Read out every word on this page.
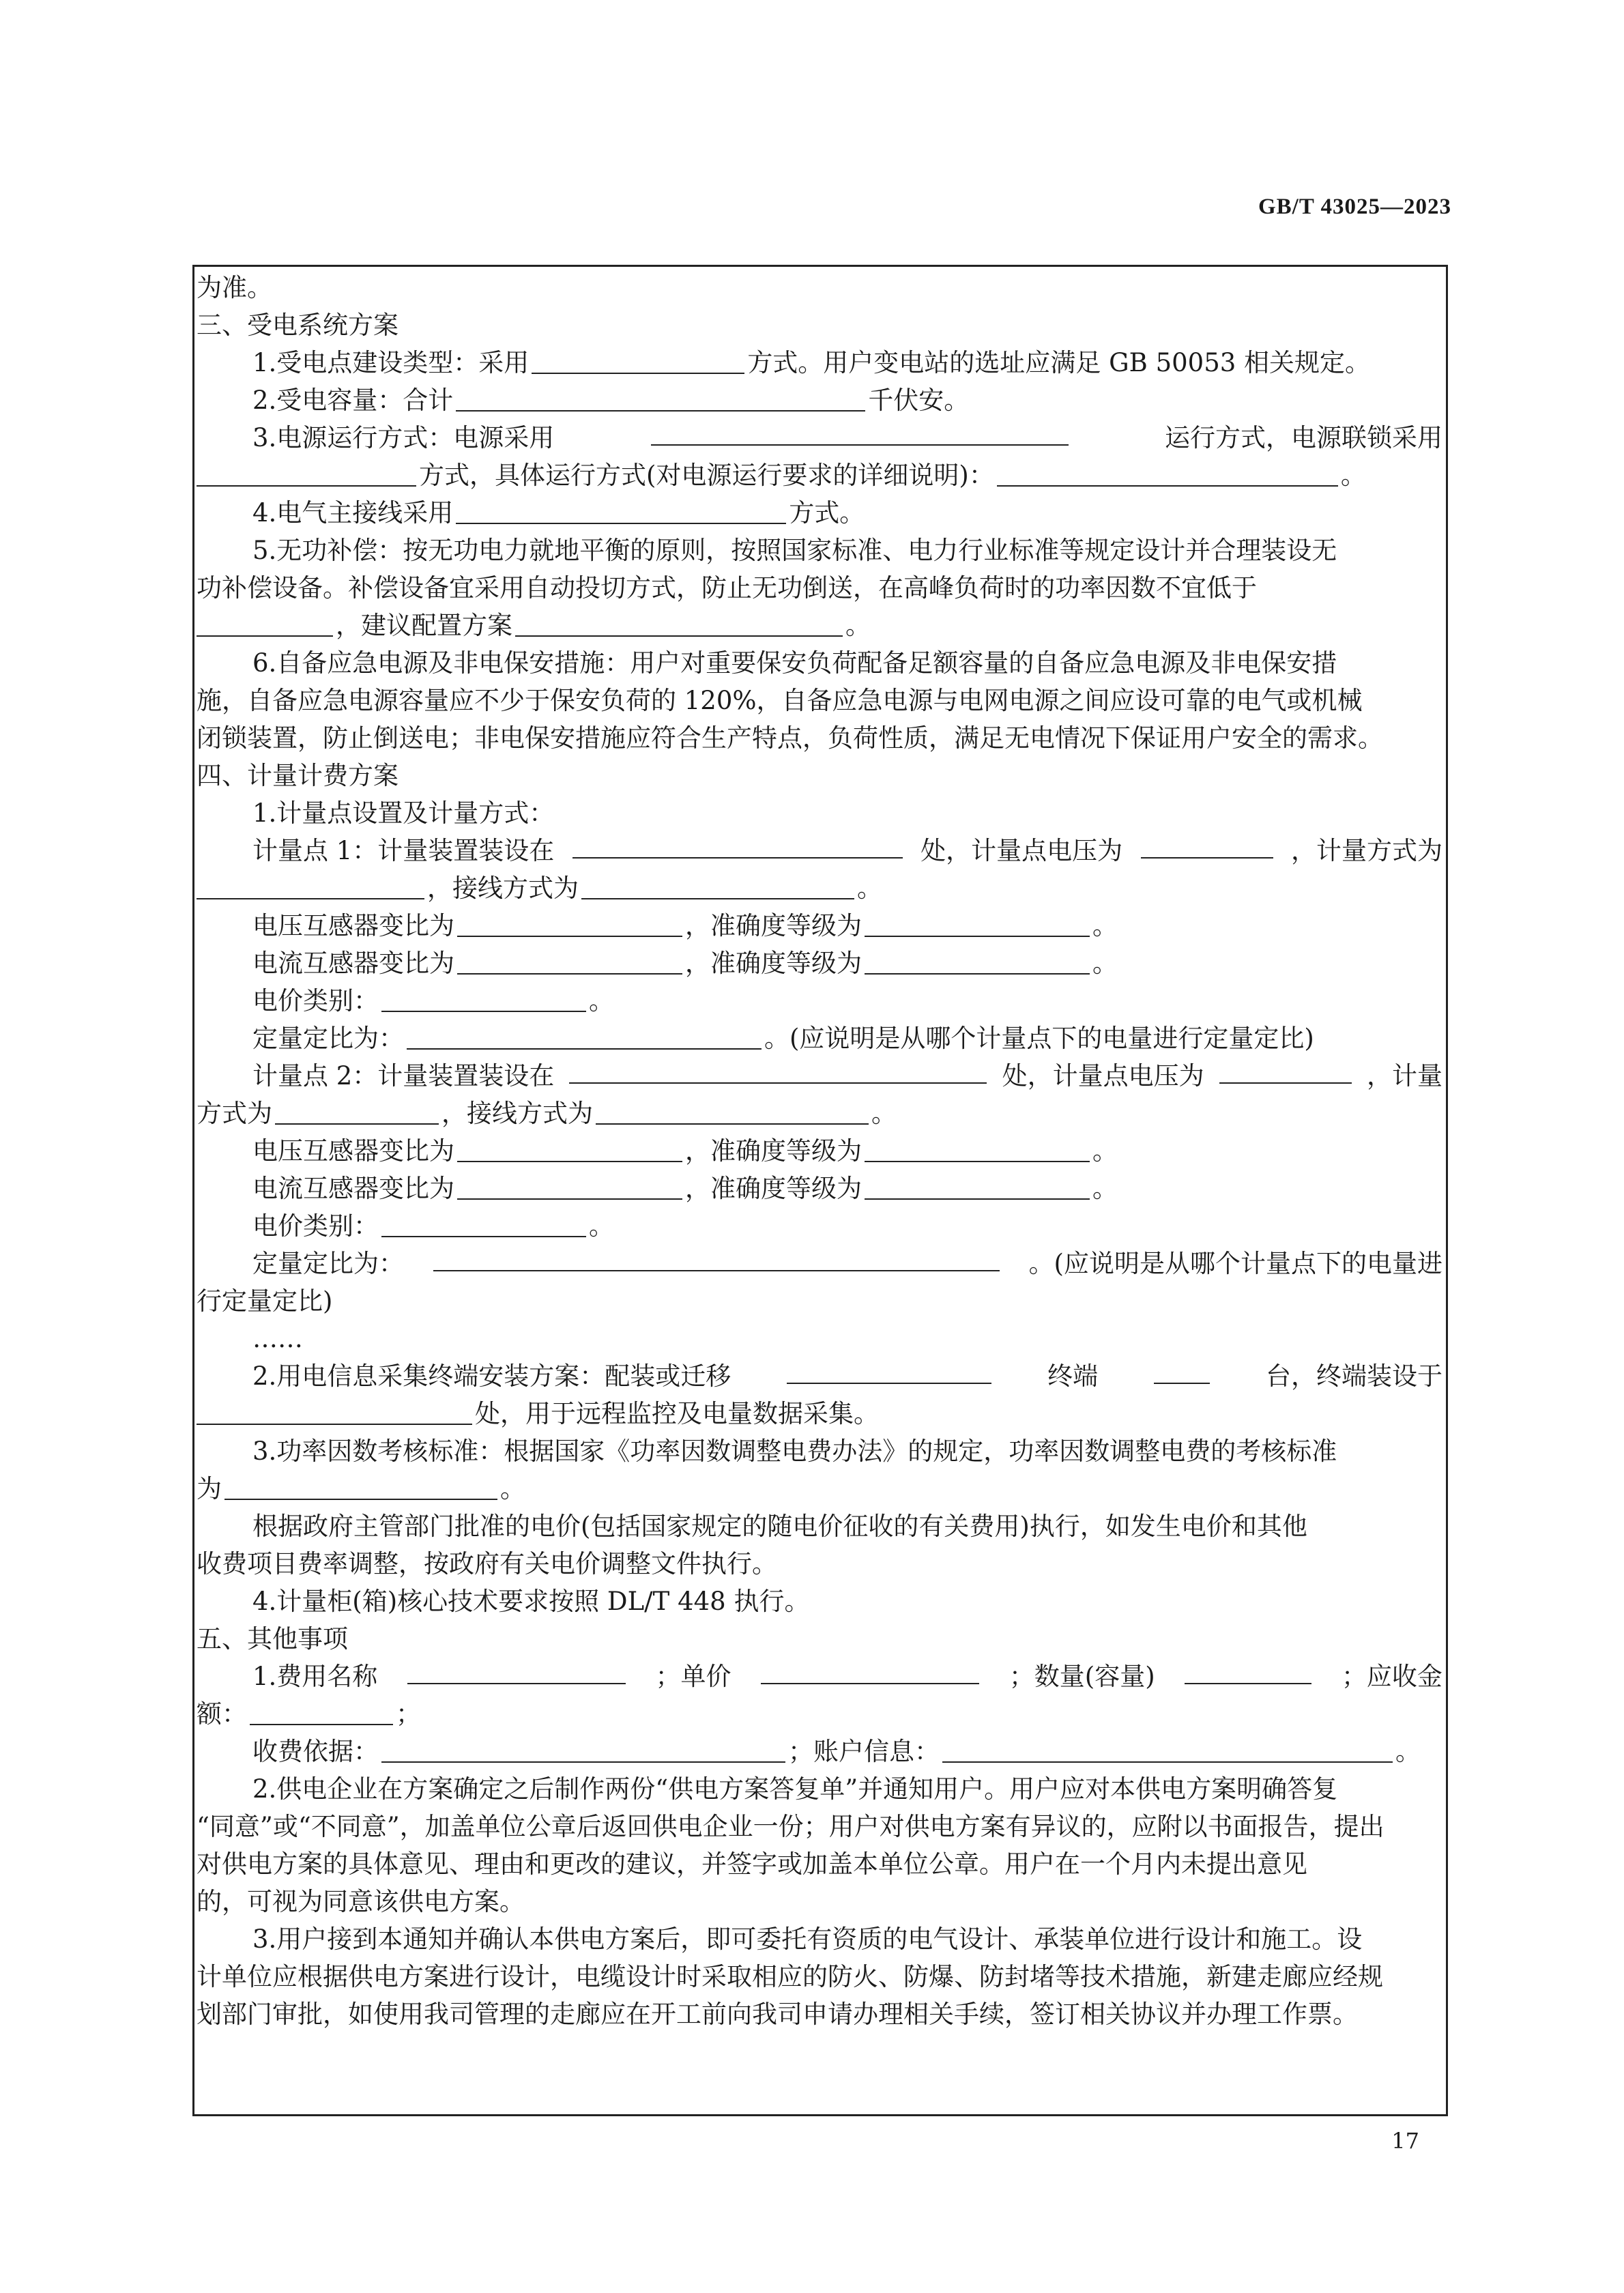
GB/T 43025—2023
为准。
三、受电系统方案
1.受电点建设类型：采用	方式。用户变电站的选址应满足 GB 50053 相关规定。
2.受电容量：合计	千伏安。
3.电源运行方式：电源采用	运行方式，电源联锁采用
方式，具体运行方式(对电源运行要求的详细说明)：	。
4.电气主接线采用	方式。
5.无功补偿：按无功电力就地平衡的原则，按照国家标准、电力行业标准等规定设计并合理装设无
功补偿设备。补偿设备宜采用自动投切方式，防止无功倒送，在高峰负荷时的功率因数不宜低于
，建议配置方案	。
6.自备应急电源及非电保安措施：用户对重要保安负荷配备足额容量的自备应急电源及非电保安措
施，自备应急电源容量应不少于保安负荷的 120%，自备应急电源与电网电源之间应设可靠的电气或机械
闭锁装置，防止倒送电；非电保安措施应符合生产特点，负荷性质，满足无电情况下保证用户安全的需求。
四、计量计费方案
1.计量点设置及计量方式：
计量点 1：计量装置装设在	处，计量点电压为	，计量方式为
，接线方式为	。
电压互感器变比为	，准确度等级为	。
电流互感器变比为	，准确度等级为	。
电价类别：	。
定量定比为：	。(应说明是从哪个计量点下的电量进行定量定比)
计量点 2：计量装置装设在	处，计量点电压为	，计量
方式为	，接线方式为	。
电压互感器变比为	，准确度等级为	。
电流互感器变比为	，准确度等级为	。
电价类别：	。
定量定比为：	。(应说明是从哪个计量点下的电量进
行定量定比)
……
2.用电信息采集终端安装方案：配装或迁移	终端	台，终端装设于
处，用于远程监控及电量数据采集。
3.功率因数考核标准：根据国家《功率因数调整电费办法》的规定，功率因数调整电费的考核标准
为	。
根据政府主管部门批准的电价(包括国家规定的随电价征收的有关费用)执行，如发生电价和其他
收费项目费率调整，按政府有关电价调整文件执行。
4.计量柜(箱)核心技术要求按照 DL/T 448 执行。
五、其他事项
1.费用名称	；单价	；数量(容量)	；应收金
额：	；
收费依据：	；账户信息：	。
2.供电企业在方案确定之后制作两份“供电方案答复单”并通知用户。用户应对本供电方案明确答复
“同意”或“不同意”，加盖单位公章后返回供电企业一份；用户对供电方案有异议的，应附以书面报告，提出
对供电方案的具体意见、理由和更改的建议，并签字或加盖本单位公章。用户在一个月内未提出意见
的，可视为同意该供电方案。
3.用户接到本通知并确认本供电方案后，即可委托有资质的电气设计、承装单位进行设计和施工。设
计单位应根据供电方案进行设计，电缆设计时采取相应的防火、防爆、防封堵等技术措施，新建走廊应经规
划部门审批，如使用我司管理的走廊应在开工前向我司申请办理相关手续，签订相关协议并办理工作票。
17
